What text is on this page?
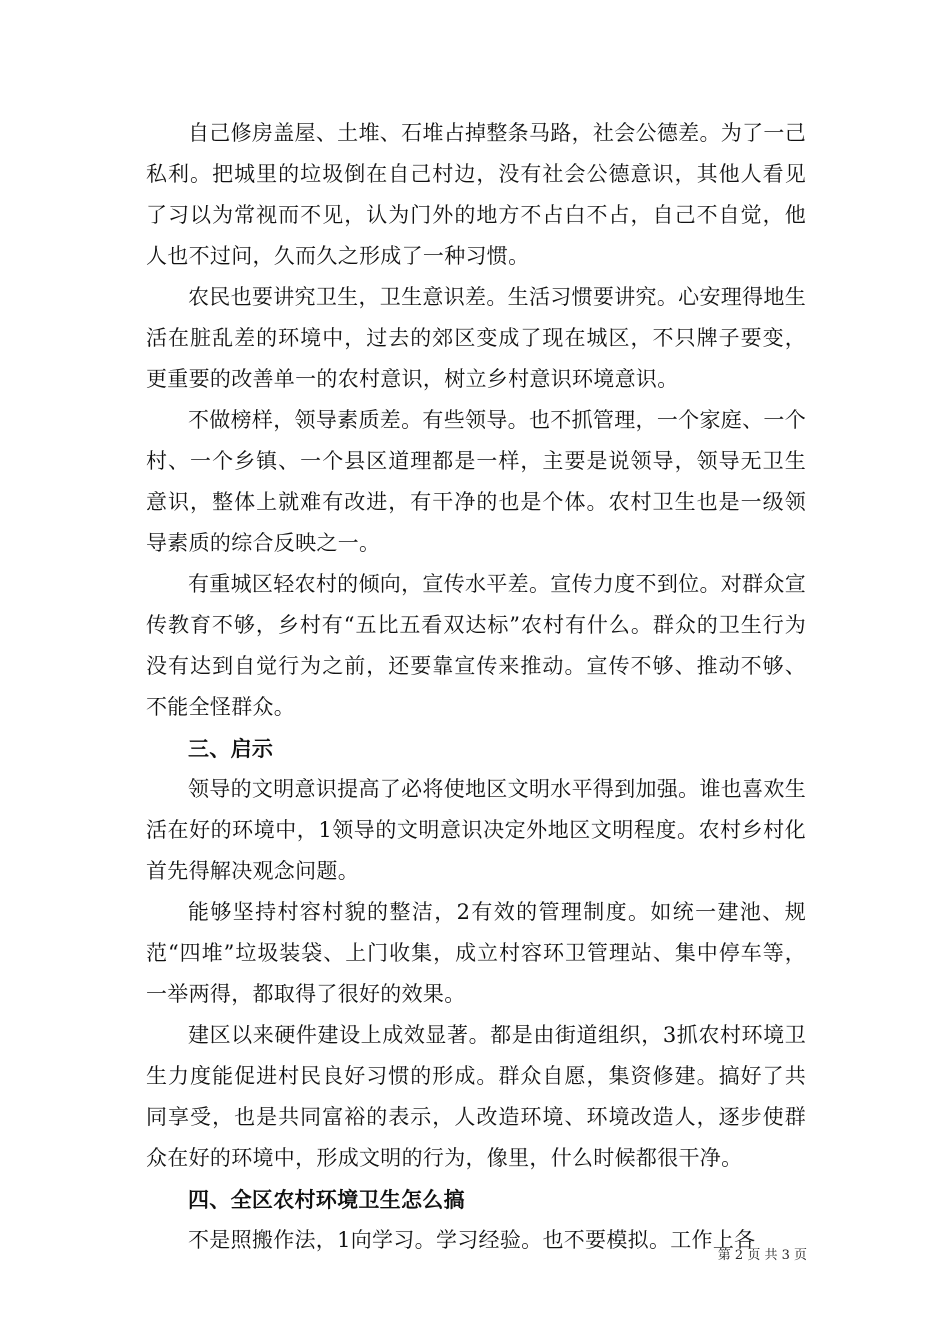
自己修房盖屋、土堆、石堆占掉整条马路，社会公德差。为了一己私利。把城里的垃圾倒在自己村边，没有社会公德意识，其他人看见了习以为常视而不见，认为门外的地方不占白不占，自己不自觉，他人也不过问，久而久之形成了一种习惯。

农民也要讲究卫生，卫生意识差。生活习惯要讲究。心安理得地生活在脏乱差的环境中，过去的郊区变成了现在城区，不只牌子要变，更重要的改善单一的农村意识，树立乡村意识环境意识。

不做榜样，领导素质差。有些领导。也不抓管理，一个家庭、一个村、一个乡镇、一个县区道理都是一样，主要是说领导，领导无卫生意识，整体上就难有改进，有干净的也是个体。农村卫生也是一级领导素质的综合反映之一。

有重城区轻农村的倾向，宣传水平差。宣传力度不到位。对群众宣传教育不够，乡村有“五比五看双达标”农村有什么。群众的卫生行为没有达到自觉行为之前，还要靠宣传来推动。宣传不够、推动不够、不能全怪群众。

三、启示

领导的文明意识提高了必将使地区文明水平得到加强。谁也喜欢生活在好的环境中，1领导的文明意识决定外地区文明程度。农村乡村化首先得解决观念问题。

能够坚持村容村貌的整洁，2有效的管理制度。如统一建池、规范“四堆”垃圾装袋、上门收集，成立村容环卫管理站、集中停车等，一举两得，都取得了很好的效果。

建区以来硬件建设上成效显著。都是由街道组织，3抓农村环境卫生力度能促进村民良好习惯的形成。群众自愿，集资修建。搞好了共同享受，也是共同富裕的表示，人改造环境、环境改造人，逐步使群众在好的环境中，形成文明的行为，像里，什么时候都很干净。

四、全区农村环境卫生怎么搞

不是照搬作法，1向学习。学习经验。也不要模拟。工作上各

第 2 页 共 3 页
